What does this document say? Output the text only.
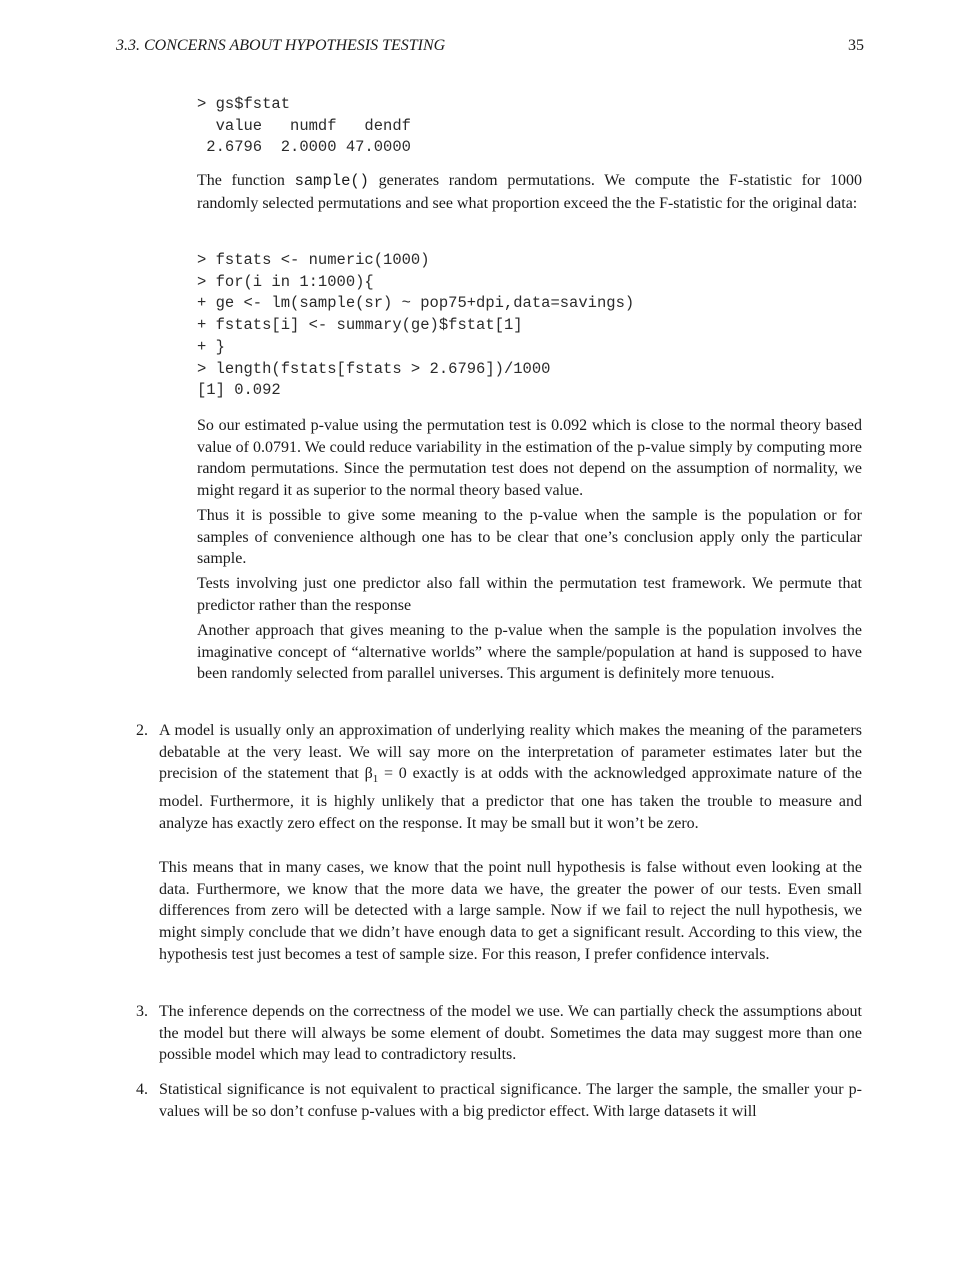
3.3. CONCERNS ABOUT HYPOTHESIS TESTING	35
> gs$fstat
value   numdf   dendf
2.6796  2.0000 47.0000

The function sample() generates random permutations. We compute the F-statistic for 1000 randomly selected permutations and see what proportion exceed the the F-statistic for the original data:

> fstats <- numeric(1000)
> for(i in 1:1000){
+ ge <- lm(sample(sr) ~ pop75+dpi,data=savings)
+ fstats[i] <- summary(ge)$fstat[1]
+ }
> length(fstats[fstats > 2.6796])/1000
[1] 0.092

So our estimated p-value using the permutation test is 0.092 which is close to the normal theory based value of 0.0791. We could reduce variability in the estimation of the p-value simply by computing more random permutations. Since the permutation test does not depend on the assumption of normality, we might regard it as superior to the normal theory based value.

Thus it is possible to give some meaning to the p-value when the sample is the population or for samples of convenience although one has to be clear that one’s conclusion apply only the particular sample.

Tests involving just one predictor also fall within the permutation test framework. We permute that predictor rather than the response

Another approach that gives meaning to the p-value when the sample is the population involves the imaginative concept of “alternative worlds” where the sample/population at hand is supposed to have been randomly selected from parallel universes. This argument is definitely more tenuous.

2. A model is usually only an approximation of underlying reality which makes the meaning of the parameters debatable at the very least. We will say more on the interpretation of parameter estimates later but the precision of the statement that $\beta_1 = 0$ exactly is at odds with the acknowledged approximate nature of the model. Furthermore, it is highly unlikely that a predictor that one has taken the trouble to measure and analyze has exactly zero effect on the response. It may be small but it won’t be zero.

This means that in many cases, we know that the point null hypothesis is false without even looking at the data. Furthermore, we know that the more data we have, the greater the power of our tests. Even small differences from zero will be detected with a large sample. Now if we fail to reject the null hypothesis, we might simply conclude that we didn’t have enough data to get a significant result. According to this view, the hypothesis test just becomes a test of sample size. For this reason, I prefer confidence intervals.

3. The inference depends on the correctness of the model we use. We can partially check the assumptions about the model but there will always be some element of doubt. Sometimes the data may suggest more than one possible model which may lead to contradictory results.

4. Statistical significance is not equivalent to practical significance. The larger the sample, the smaller your p-values will be so don’t confuse p-values with a big predictor effect. With large datasets it will
